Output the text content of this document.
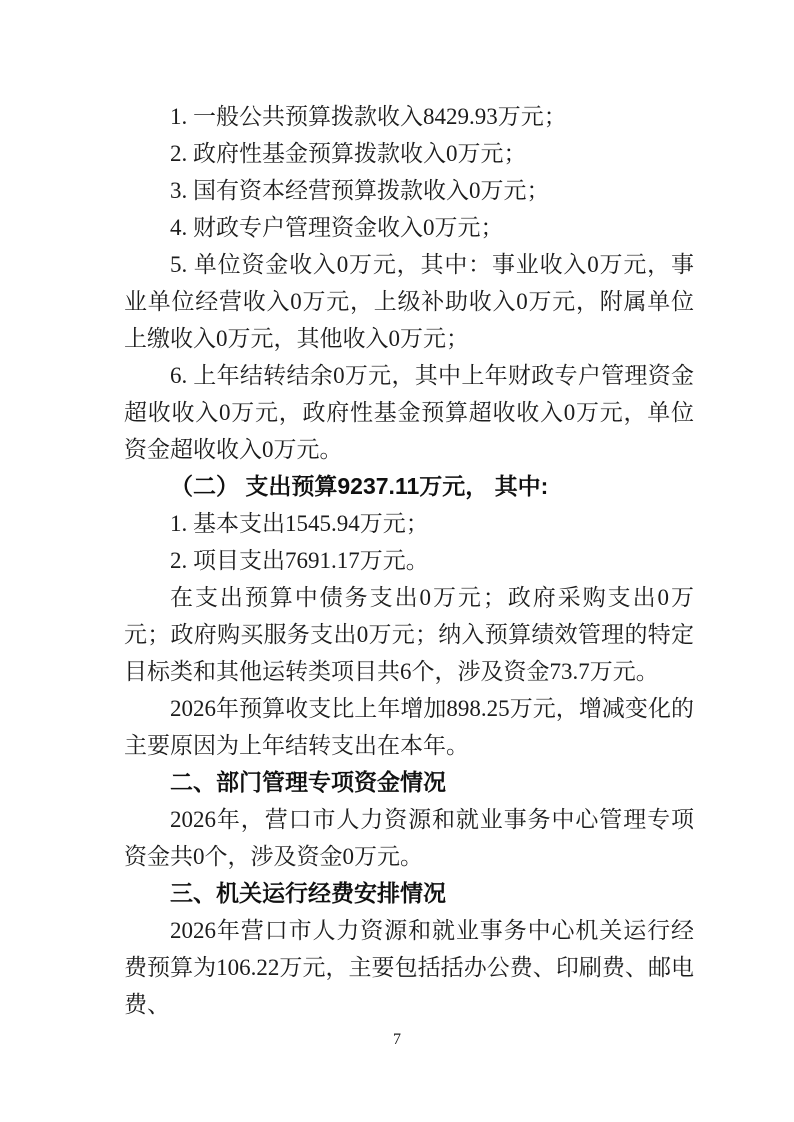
1. 一般公共预算拨款收入8429.93万元；

2. 政府性基金预算拨款收入0万元；

3. 国有资本经营预算拨款收入0万元；

4. 财政专户管理资金收入0万元；

5. 单位资金收入0万元，其中：事业收入0万元，事业单位经营收入0万元，上级补助收入0万元，附属单位上缴收入0万元，其他收入0万元；

6. 上年结转结余0万元，其中上年财政专户管理资金超收收入0万元，政府性基金预算超收收入0万元，单位资金超收收入0万元。

（二） 支出预算9237.11万元， 其中:

1. 基本支出1545.94万元；

2. 项目支出7691.17万元。

在支出预算中债务支出0万元；政府采购支出0万元；政府购买服务支出0万元；纳入预算绩效管理的特定目标类和其他运转类项目共6个，涉及资金73.7万元。

2026年预算收支比上年增加898.25万元，增减变化的主要原因为上年结转支出在本年。

二、部门管理专项资金情况

2026年，营口市人力资源和就业事务中心管理专项资金共0个，涉及资金0万元。

三、机关运行经费安排情况

2026年营口市人力资源和就业事务中心机关运行经费预算为106.22万元，主要包括括办公费、印刷费、邮电费、

7
